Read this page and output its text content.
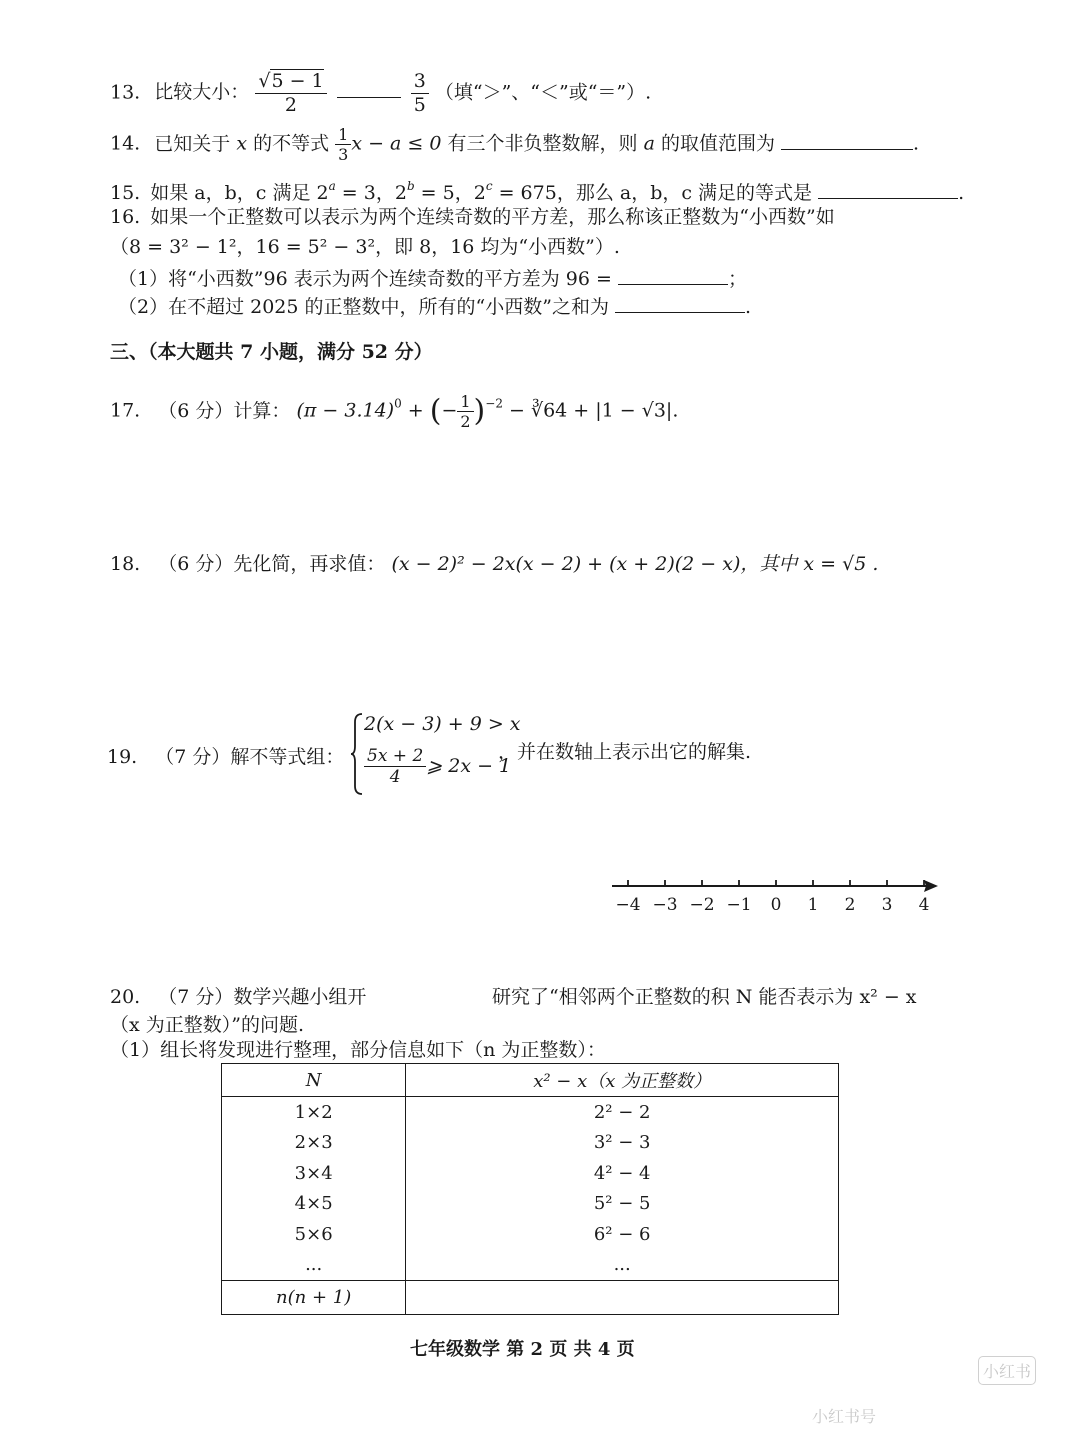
13. 比较大小： $\frac{√5 - 1}{2}$
	$\frac{3}{5}$ （填“＞”、“＜”或“＝”）.
14. 已知关于 x 的不等式 $\frac{1}{3}$ x − a ≤ 0 有三个非负整数解，则 a 的取值范围为	.
15. 如果 a，b，c 满足 $2^a = 3$，$2^b = 5$，$2^c = 675$，那么 a，b，c 满足的等式是	.
16. 如果一个正整数可以表示为两个连续奇数的平方差，那么称该正整数为“小西数”如
（8 = 3² − 1²，16 = 5² − 3²，即 8，16 均为“小西数”）.
（1）将“小西数”96 表示为两个连续奇数的平方差为 96 =	；
（2）在不超过 2025 的正整数中，所有的“小西数”之和为	.
三、（本大题共 7 小题，满分 52 分）
17. （6 分）计算： $(\pi - 3.14)^0$ + (− $\frac{1}{2} )^{-2}$ − ∛64 + |1 − √3|.
18. （6 分）先化简，再求值： (x − 2)² − 2x(x − 2) + (x + 2)(2 − x)，其中 x = √5 .
19. （7 分）解不等式组：
2(x − 3) + 9 > x
$\frac{5x + 2}{4}$ ⩾ 2x − 1
，并在数轴上表示出它的解集.
−4 −3 −2 −1 0 1 2 3 4
20. （7 分）数学兴趣小组开	研究了“相邻两个正整数的积 N 能否表示为 x² − x
（x 为正整数）”的问题.
（1）组长将发现进行整理，部分信息如下（n 为正整数）：
N	x² − x（x 为正整数）
1×2	2² − 2
2×3	3² − 3
3×4	4² − 4
4×5	5² − 5
5×6	6² − 6
...	...
n(n + 1)	
七年级数学 第 2 页 共 4 页
小红书
小红书号
